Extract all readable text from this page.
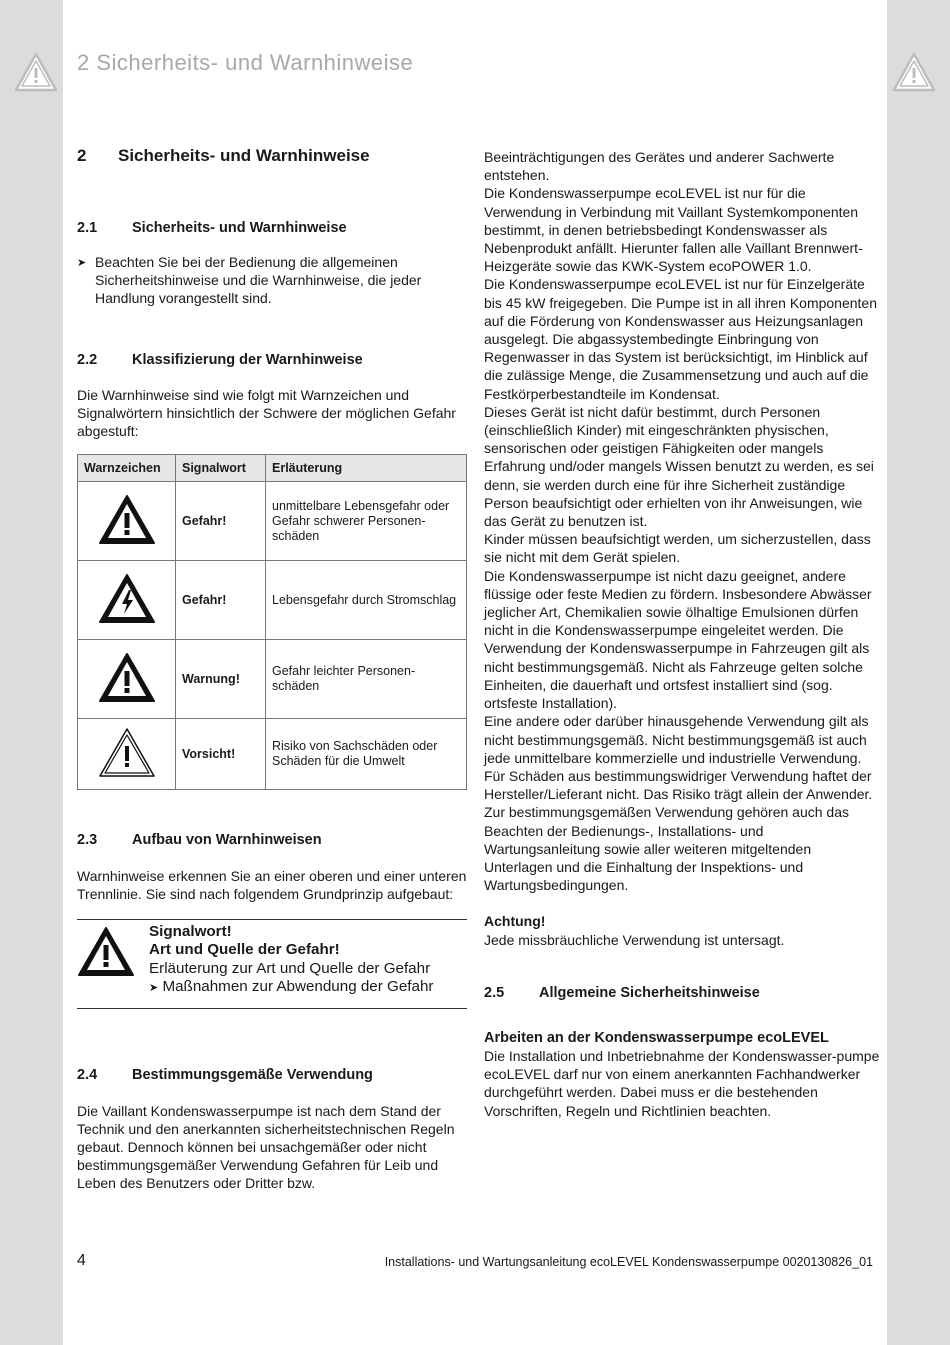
2 Sicherheits- und Warnhinweise
2	Sicherheits- und Warnhinweise
2.1	Sicherheits- und Warnhinweise
➤ Beachten Sie bei der Bedienung die allgemeinen Sicherheitshinweise und die Warnhinweise, die jeder Handlung vorangestellt sind.
2.2	Klassifizierung der Warnhinweise
Die Warnhinweise sind wie folgt mit Warnzeichen und Signalwörtern hinsichtlich der Schwere der möglichen Gefahr abgestuft:
Warnzeichen	Signalwort	Erläuterung
	Gefahr!	unmittelbare Lebensgefahr oder Gefahr schwerer Personen-schäden
	Gefahr!	Lebensgefahr durch Stromschlag
	Warnung!	Gefahr leichter Personen-schäden
	Vorsicht!	Risiko von Sachschäden oder Schäden für die Umwelt
2.3	Aufbau von Warnhinweisen
Warnhinweise erkennen Sie an einer oberen und einer unteren Trennlinie. Sie sind nach folgendem Grundprinzip aufgebaut:
Signalwort!
Art und Quelle der Gefahr!
Erläuterung zur Art und Quelle der Gefahr
➤ Maßnahmen zur Abwendung der Gefahr
2.4	Bestimmungsgemäße Verwendung
Die Vaillant Kondenswasserpumpe ist nach dem Stand der Technik und den anerkannten sicherheitstechnischen Regeln gebaut. Dennoch können bei unsachgemäßer oder nicht bestimmungsgemäßer Verwendung Gefahren für Leib und Leben des Benutzers oder Dritter bzw.
Beeinträchtigungen des Gerätes und anderer Sachwerte entstehen.
Die Kondenswasserpumpe ecoLEVEL ist nur für die Verwendung in Verbindung mit Vaillant Systemkomponenten bestimmt, in denen betriebsbedingt Kondenswasser als Nebenprodukt anfällt. Hierunter fallen alle Vaillant Brennwert-Heizgeräte sowie das KWK-System ecoPOWER 1.0.
Die Kondenswasserpumpe ecoLEVEL ist nur für Einzelgeräte bis 45 kW freigegeben. Die Pumpe ist in all ihren Komponenten auf die Förderung von Kondenswasser aus Heizungsanlagen ausgelegt. Die abgassystembedingte Einbringung von Regenwasser in das System ist berücksichtigt, im Hinblick auf die zulässige Menge, die Zusammensetzung und auch auf die Festkörperbestandteile im Kondensat.
Dieses Gerät ist nicht dafür bestimmt, durch Personen (einschließlich Kinder) mit eingeschränkten physischen, sensorischen oder geistigen Fähigkeiten oder mangels Erfahrung und/oder mangels Wissen benutzt zu werden, es sei denn, sie werden durch eine für ihre Sicherheit zuständige Person beaufsichtigt oder erhielten von ihr Anweisungen, wie das Gerät zu benutzen ist.
Kinder müssen beaufsichtigt werden, um sicherzustellen, dass sie nicht mit dem Gerät spielen.
Die Kondenswasserpumpe ist nicht dazu geeignet, andere flüssige oder feste Medien zu fördern. Insbesondere Abwässer jeglicher Art, Chemikalien sowie ölhaltige Emulsionen dürfen nicht in die Kondenswasserpumpe eingeleitet werden. Die Verwendung der Kondenswasserpumpe in Fahrzeugen gilt als nicht bestimmungsgemäß. Nicht als Fahrzeuge gelten solche Einheiten, die dauerhaft und ortsfest installiert sind (sog. ortsfeste Installation).
Eine andere oder darüber hinausgehende Verwendung gilt als nicht bestimmungsgemäß. Nicht bestimmungsgemäß ist auch jede unmittelbare kommerzielle und industrielle Verwendung. Für Schäden aus bestimmungswidriger Verwendung haftet der Hersteller/Lieferant nicht. Das Risiko trägt allein der Anwender.
Zur bestimmungsgemäßen Verwendung gehören auch das Beachten der Bedienungs-, Installations- und Wartungsanleitung sowie aller weiteren mitgeltenden Unterlagen und die Einhaltung der Inspektions- und Wartungsbedingungen.
Achtung!
Jede missbräuchliche Verwendung ist untersagt.
2.5	Allgemeine Sicherheitshinweise
Arbeiten an der Kondenswasserpumpe ecoLEVEL
Die Installation und Inbetriebnahme der Kondenswasser-pumpe ecoLEVEL darf nur von einem anerkannten Fachhandwerker durchgeführt werden. Dabei muss er die bestehenden Vorschriften, Regeln und Richtlinien beachten.
4	Installations- und Wartungsanleitung ecoLEVEL Kondenswasserpumpe 0020130826_01
